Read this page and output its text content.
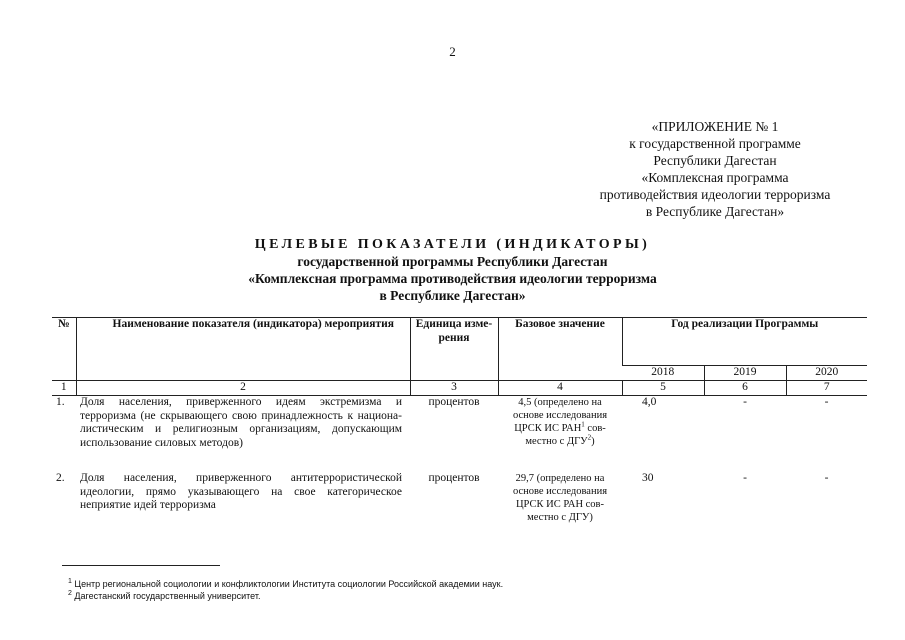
2
«ПРИЛОЖЕНИЕ № 1
к государственной программе
Республики Дагестан
«Комплексная программа
противодействия идеологии терроризма
в Республике Дагестан»
ЦЕЛЕВЫЕ ПОКАЗАТЕЛИ (ИНДИКАТОРЫ)
государственной программы Республики Дагестан
«Комплексная программа противодействия идеологии терроризма
в Республике Дагестан»
№	Наименование показателя (индикатора) мероприятия	Единица изме-рения	Базовое значение	Год реализации Программы		
				2018	2019	2020
1	2	3	4	5	6	7
1.	Доля населения, приверженного идеям экстремизма и терроризма (не скрывающего свою принадлежность к национа-листическим и религиозным организациям, допускающим использование силовых методов)	процентов	4,5 (определено на основе исследования ЦРСК ИС РАН$^1$ сов-местно с ДГУ$^2$)	4,0	-	-
2.	Доля населения, приверженного антитеррористической идеологии, прямо указывающего на свое категорическое неприятие идей терроризма	процентов	29,7 (определено на основе исследования ЦРСК ИС РАН сов-местно с ДГУ)	30	-	-
$^1$ Центр региональной социологии и конфликтологии Института социологии Российской академии наук.
$^2$ Дагестанский государственный университет.
